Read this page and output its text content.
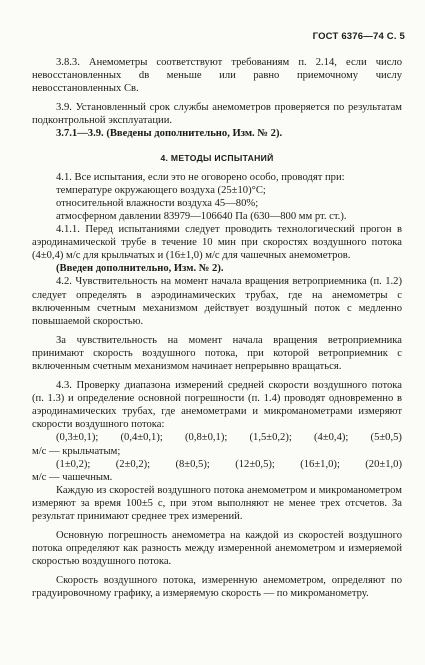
ГОСТ 6376—74 С. 5

3.8.3. Анемометры соответствуют требованиям п. 2.14, если число невосстановленных dв меньше или равно приемочному числу невосстановленных Св.

3.9. Установленный срок службы анемометров проверяется по результатам подконтрольной эксплуатации.

3.7.1—3.9. (Введены дополнительно, Изм. № 2).

4. МЕТОДЫ ИСПЫТАНИЙ

4.1. Все испытания, если это не оговорено особо, проводят при:

температуре окружающего воздуха (25±10)°С;

относительной влажности воздуха 45—80%;

атмосферном давлении 83979—106640 Па (630—800 мм рт. ст.).

4.1.1. Перед испытаниями следует проводить технологический прогон в аэродинамической трубе в течение 10 мин при скоростях воздушного потока (4±0,4) м/с для крыльчатых и (16±1,0) м/с для чашечных анемометров.

(Введен дополнительно, Изм. № 2).

4.2. Чувствительность на момент начала вращения ветроприемника (п. 1.2) следует определять в аэродинамических трубах, где на анемометры с включенным счетным механизмом действует воздушный поток с медленно повышаемой скоростью.

За чувствительность на момент начала вращения ветроприемника принимают скорость воздушного потока, при которой ветроприемник с включенным счетным механизмом начинает непрерывно вращаться.

4.3. Проверку диапазона измерений средней скорости воздушного потока (п. 1.3) и определение основной погрешности (п. 1.4) проводят одновременно в аэродинамических трубах, где анемометрами и микроманометрами измеряют скорости воздушного потока:

(0,3±0,1); (0,4±0,1); (0,8±0,1); (1,5±0,2); (4±0,4); (5±0,5)

м/с — крыльчатым;

(1±0,2); (2±0,2); (8±0,5); (12±0,5); (16±1,0); (20±1,0)

м/с — чашечным.

Каждую из скоростей воздушного потока анемометром и микроманометром измеряют за время 100±5 с, при этом выполняют не менее трех отсчетов. За результат принимают среднее трех измерений.

Основную погрешность анемометра на каждой из скоростей воздушного потока определяют как разность между измеренной анемометром и измеряемой скоростью воздушного потока.

Скорость воздушного потока, измеренную анемометром, определяют по градуировочному графику, а измеряемую скорость — по микроманометру.
